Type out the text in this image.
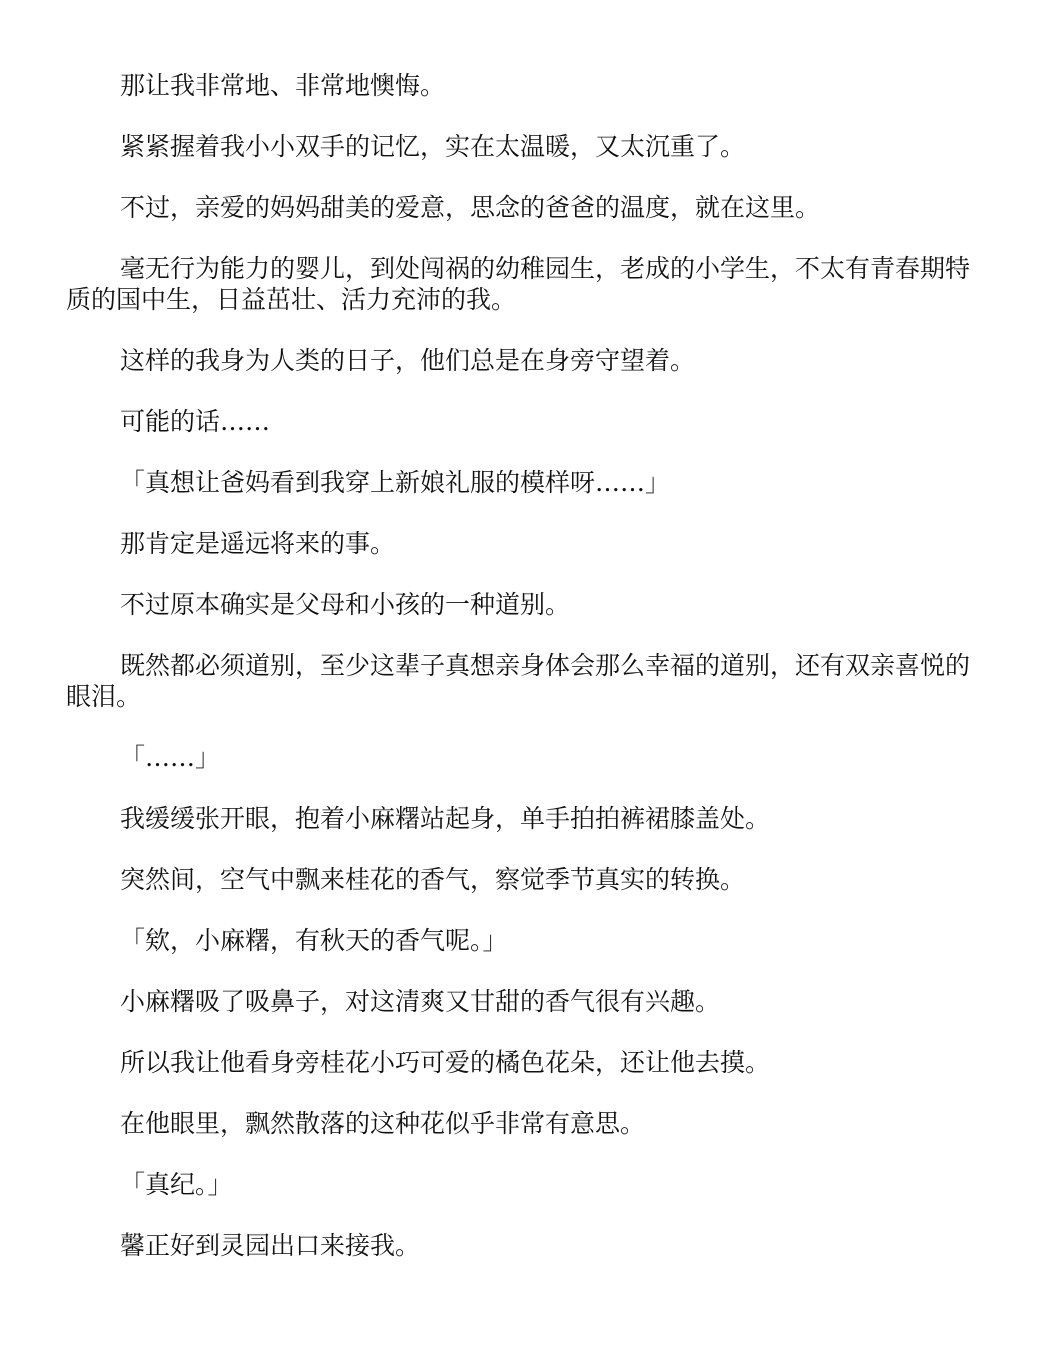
那让我非常地、非常地懊悔。

紧紧握着我小小双手的记忆，实在太温暖，又太沉重了。

不过，亲爱的妈妈甜美的爱意，思念的爸爸的温度，就在这里。

毫无行为能力的婴儿，到处闯祸的幼稚园生，老成的小学生，不太有青春期特质的国中生，日益茁壮、活力充沛的我。

这样的我身为人类的日子，他们总是在身旁守望着。

可能的话……

「真想让爸妈看到我穿上新娘礼服的模样呀……」

那肯定是遥远将来的事。

不过原本确实是父母和小孩的一种道别。

既然都必须道别，至少这辈子真想亲身体会那么幸福的道别，还有双亲喜悦的眼泪。

「……」

我缓缓张开眼，抱着小麻糬站起身，单手拍拍裤裙膝盖处。

突然间，空气中飘来桂花的香气，察觉季节真实的转换。

「欸，小麻糬，有秋天的香气呢。」

小麻糬吸了吸鼻子，对这清爽又甘甜的香气很有兴趣。

所以我让他看身旁桂花小巧可爱的橘色花朵，还让他去摸。

在他眼里，飘然散落的这种花似乎非常有意思。

「真纪。」

馨正好到灵园出口来接我。
